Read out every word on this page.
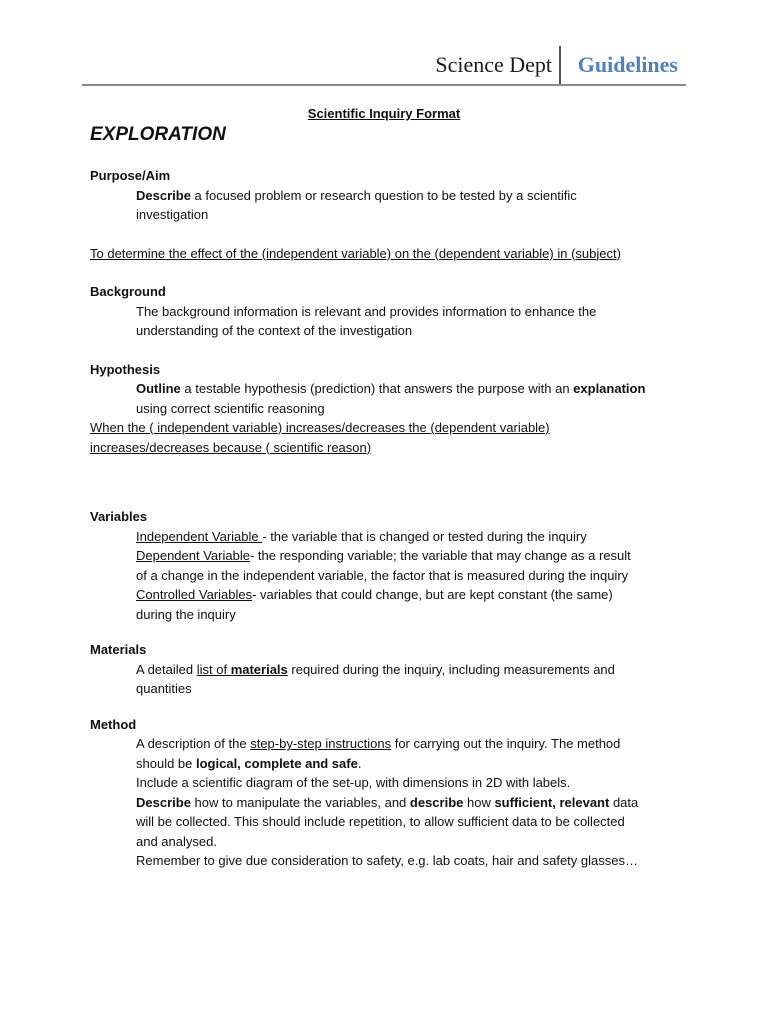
Science Dept Guidelines
Scientific Inquiry Format
EXPLORATION

Purpose/Aim

Describe a focused problem or research question to be tested by a scientific

investigation

To determine the effect of the (independent variable) on the (dependent variable) in (subject)

Background

The background information is relevant and provides information to enhance the

understanding of the context of the investigation

Hypothesis

Outline a testable hypothesis (prediction) that answers the purpose with an explanation

using correct scientific reasoning

When the ( independent variable) increases/decreases the (dependent variable)

increases/decreases because ( scientific reason)

Variables

Independent Variable - the variable that is changed or tested during the inquiry

Dependent Variable- the responding variable; the variable that may change as a result

of a change in the independent variable, the factor that is measured during the inquiry

Controlled Variables- variables that could change, but are kept constant (the same)

during the inquiry

Materials

A detailed list of materials required during the inquiry, including measurements and

quantities

Method

A description of the step-by-step instructions for carrying out the inquiry. The method

should be logical, complete and safe.

Include a scientific diagram of the set-up, with dimensions in 2D with labels.

Describe how to manipulate the variables, and describe how sufficient, relevant data

will be collected. This should include repetition, to allow sufficient data to be collected

and analysed.

Remember to give due consideration to safety, e.g. lab coats, hair and safety glasses…
